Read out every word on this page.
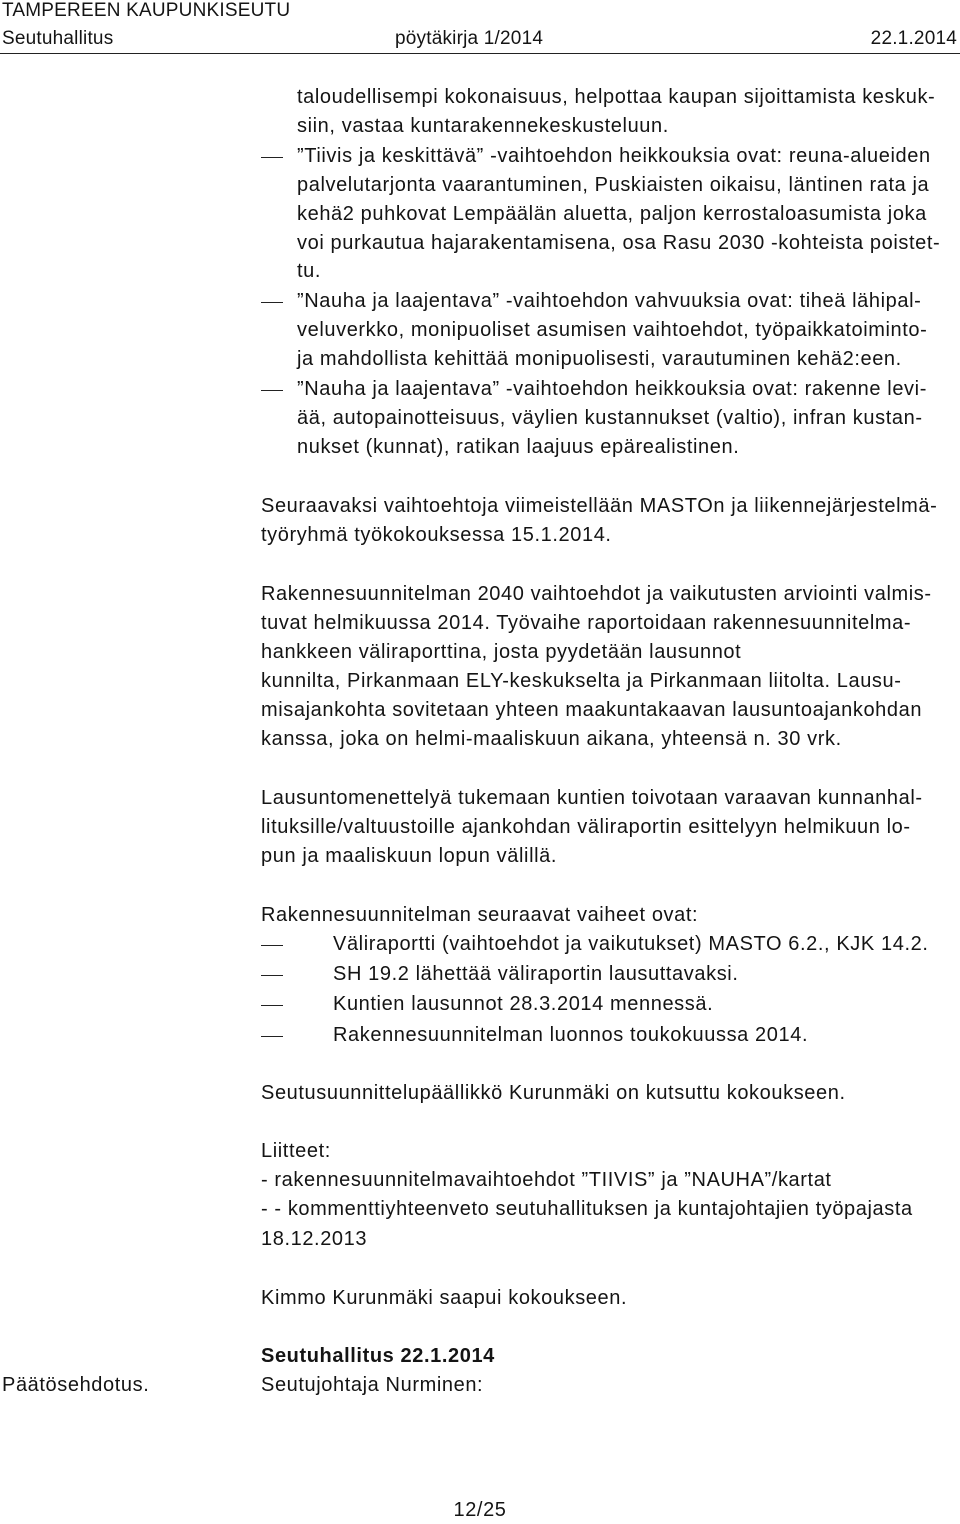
TAMPEREEN KAUPUNKISEUTU
Seutuhallitus	pöytäkirja 1/2014	22.1.2014
taloudellisempi kokonaisuus, helpottaa kaupan sijoittamista keskuk-
siin, vastaa kuntarakennekeskusteluun.
”Tiivis ja keskittävä” -vaihtoehdon heikkouksia ovat: reuna-alueiden
palvelutarjonta vaarantuminen, Puskiaisten oikaisu, läntinen rata ja
kehä2 puhkovat Lempäälän aluetta, paljon kerrostaloasumista joka
voi purkautua hajarakentamisena, osa Rasu 2030 -kohteista poistet-
tu.
”Nauha ja laajentava” -vaihtoehdon vahvuuksia ovat: tiheä lähipal-
veluverkko, monipuoliset asumisen vaihtoehdot, työpaikkatoiminto-
ja mahdollista kehittää monipuolisesti, varautuminen kehä2:een.
”Nauha ja laajentava” -vaihtoehdon heikkouksia ovat: rakenne levi-
ää, autopainotteisuus, väylien kustannukset (valtio), infran kustan-
nukset (kunnat), ratikan laajuus epärealistinen.
Seuraavaksi vaihtoehtoja viimeistellään MASTOn ja liikennejärjestelmä-
työryhmä työkokouksessa 15.1.2014.
Rakennesuunnitelman 2040 vaihtoehdot ja vaikutusten arviointi valmis-
tuvat helmikuussa 2014. Työvaihe raportoidaan rakennesuunnitelma-
hankkeen väliraporttina, josta pyydetään lausunnot
kunnilta, Pirkanmaan ELY-keskukselta ja Pirkanmaan liitolta. Lausu-
misajankohta sovitetaan yhteen maakuntakaavan lausuntoajankohdan
kanssa, joka on helmi-maaliskuun aikana, yhteensä n. 30 vrk.
Lausuntomenettelyä tukemaan kuntien toivotaan varaavan kunnanhal-
lituksille/valtuustoille ajankohdan väliraportin esittelyyn helmikuun lo-
pun ja maaliskuun lopun välillä.
Rakennesuunnitelman seuraavat vaiheet ovat:
Väliraportti (vaihtoehdot ja vaikutukset) MASTO 6.2., KJK 14.2.
SH 19.2 lähettää väliraportin lausuttavaksi.
Kuntien lausunnot 28.3.2014 mennessä.
Rakennesuunnitelman luonnos toukokuussa 2014.
Seutusuunnittelupäällikkö Kurunmäki on kutsuttu kokoukseen.
Liitteet:
- rakennesuunnitelmavaihtoehdot ”TIIVIS” ja ”NAUHA”/kartat
- - kommenttiyhteenveto seutuhallituksen ja kuntajohtajien työpajasta
18.12.2013
Kimmo Kurunmäki saapui kokoukseen.
Seutuhallitus 22.1.2014
Päätösehdotus.	Seutujohtaja Nurminen:
12/25
